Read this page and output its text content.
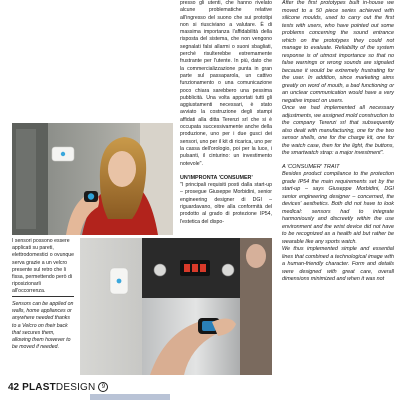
presso gli utenti, che hanno rivelato alcune problematiche relative all'ingresso del suono che sui prototipi non si riusciviano a valutare. È di massima importanza l'affidabilità della risposta del sistema, che non vengono segnalati falsi allarmi o suoni sbagliati, perché risulterebbe estremamente frustrante per l'utente. In più, dato che la commercializzazione punta in gran parte sul passaparola, un cattivo funzionamento o una comunicazione poco chiara sarebbero una pessima pubblicità. Una volta apportati tutti gli aggiustamenti necessari, è stato avviato la costruzione degli stampi affidati alla ditta Terenzi srl che si è occupata successivamente anche della produzione, uno per i due gusci dei sensori, uno per il kit di ricarica, uno per la cassa dell'orologio, poi per la luce, i pulsanti, il cinturino: un investimento notevole".

UN'IMPRONTA 'CONSUMER'

"I principali requisiti posti dalla start-up – prosegue Giuseppe Morbidini, senior engineering designer di DGI – riguardavano, oltre alla conformità del prodotto al grado di protezione IP54, l'estetica del dispo-

After the first prototypes built in-house we moved to a 50 piece series achieved with silicone moulds, used to carry out the first tests with users, who have pointed out some problems concerning the sound entrance which on the prototypes they could not manage to evaluate. Reliability of the system response is of utmost importance so that no false warnings or wrong sounds are signaled because it would be extremely frustrating for the user. In addition, since marketing aims greatly on word of mouth, a bad functioning or an unclear communication would have a very negative impact on users.

Once we had implemented all necessary adjustments, we assigned mold construction to the company Terenzi srl that subsequently also dealt with manufacturing, one for the two sensor shells, one for the charge kit, one for the watch case, then for the light, the buttons, the smartwatch strap: a major investment".

A 'CONSUMER' TRAIT

Besides product compliance to the protection grade IP54 the main requirements set by the start-up – says Giuseppe Morbidini, DGI senior engineering designer – concerned, the devices' aesthetics. Both did not have to look medical: sensors had to integrate harmoniously and discreetly within the use environment and the wrist device did not have to be recognized as a health aid but rather be wearable like any sports watch.

We thus implemented simple and essential lines that combined a technological image with a human-friendly character. Form and details were designed with great care, overall dimensions minimized and when it was not

I sensori possono essere applicati su pareti, elettrodomestici o ovunque serva grazie a un velcro presente sul retro che li fissa, permettendo però di riposizionarli all'occorrenza.

Sensors can be applied on walls, home appliances or anywhere needed thanks to a Velcro on their back that secures them, allowing them however to be moved if needed.

42 PLAST DESIGN	9
